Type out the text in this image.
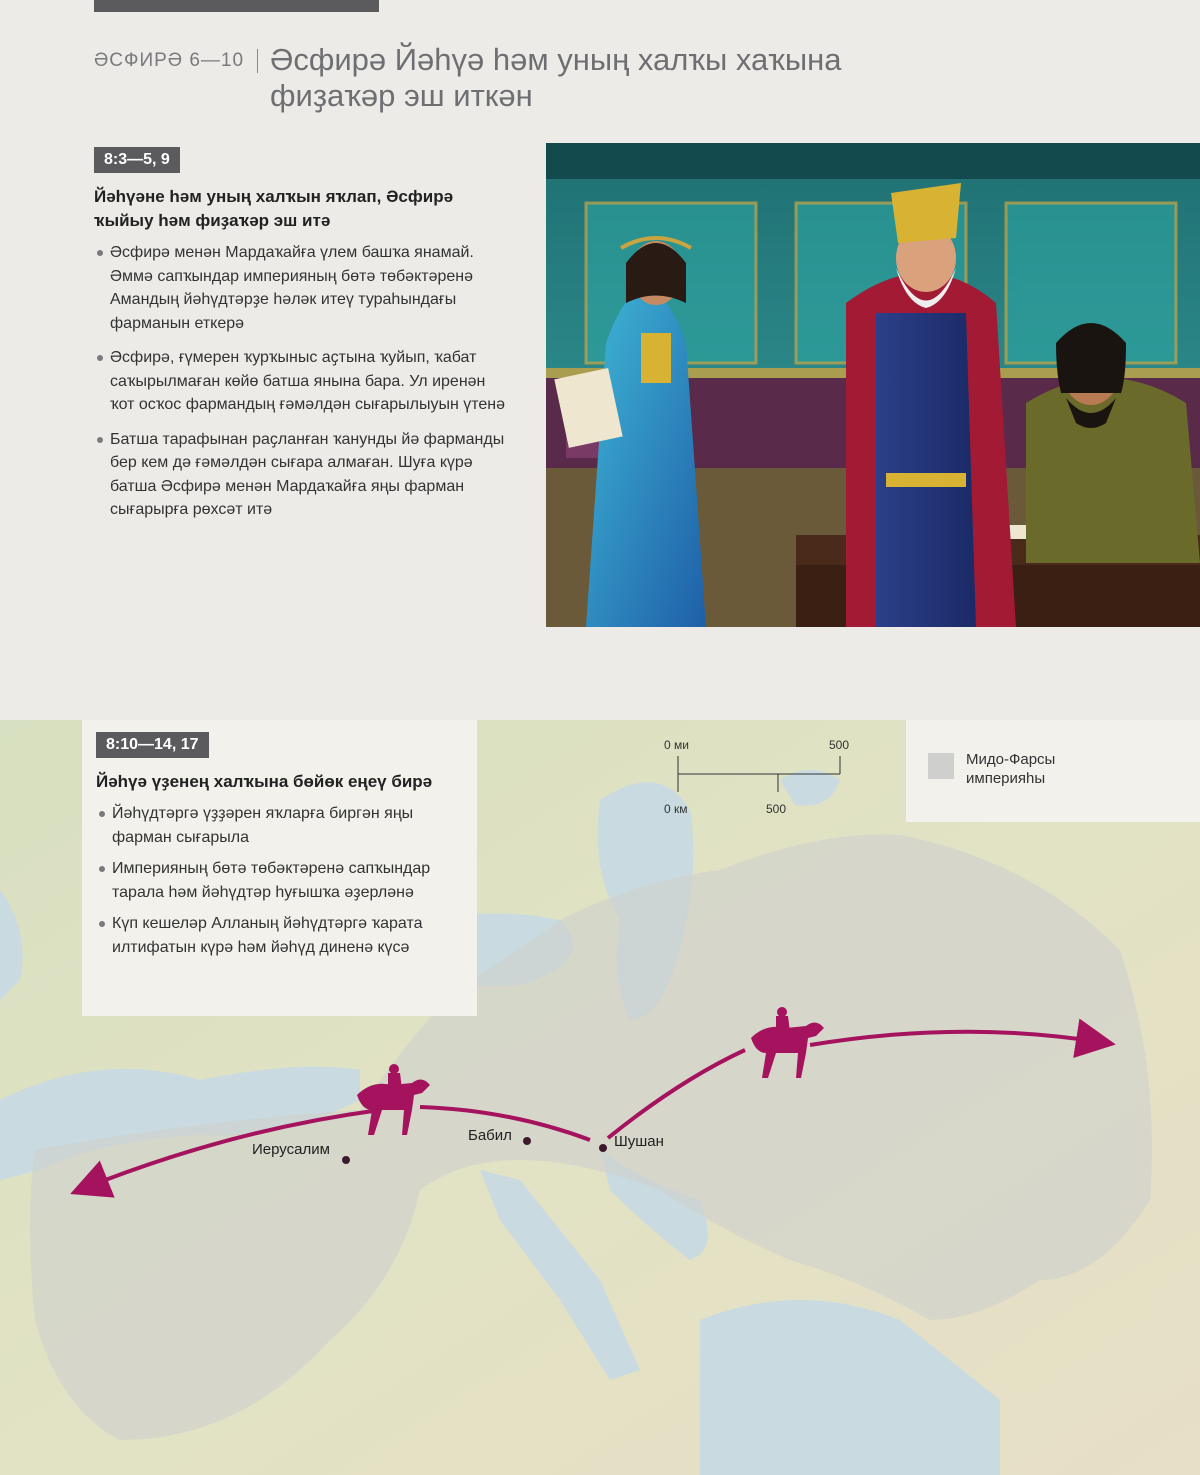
ӘСФИРӘ 6—10 Әсфирә Йәһүә һәм уның халҡы хаҡына
фиҙаҡәр эш иткән
8:3—5, 9
Йәһүәне һәм уның халҡын яҡлап, Әсфирә
ҡыйыу һәм фиҙаҡәр эш итә
Әсфирә менән Мардаҡайға үлем башҡа янамай. Әммә сапҡындар империяның бөтә төбәктәренә Амандың йәһүдтәрҙе һәләк итеү тураһындағы фарманын еткерә
Әсфирә, ғүмерен ҡурҡыныс аҫтына ҡуйып, ҡабат саҡырылмаған көйө батша янына бара. Ул иренән ҡот осҡос фармандың ғәмәлдән сығарылыуын үтенә
Батша тарафынан раҫланған ҡанунды йә фарманды бер кем дә ғәмәлдән сығара алмаған. Шуға күрә батша Әсфирә менән Мардаҡайға яңы фарман сығарырға рөхсәт итә
0 ми	500
0 км	500
Иерусалим
Бабил	Шушан
Мидо-Фарсы империяһы
8:10—14, 17
Йәһүә үҙенең халҡына бөйөк еңеү бирә
Йәһүдтәргә үҙҙәрен яҡларға биргән яңы фарман сығарыла
Империяның бөтә төбәктәренә сапҡындар тарала һәм йәһүдтәр һуғышҡа әҙерләнә
Күп кешеләр Алланың йәһүдтәргә ҡарата илтифатын күрә һәм йәһүд диненә күсә
